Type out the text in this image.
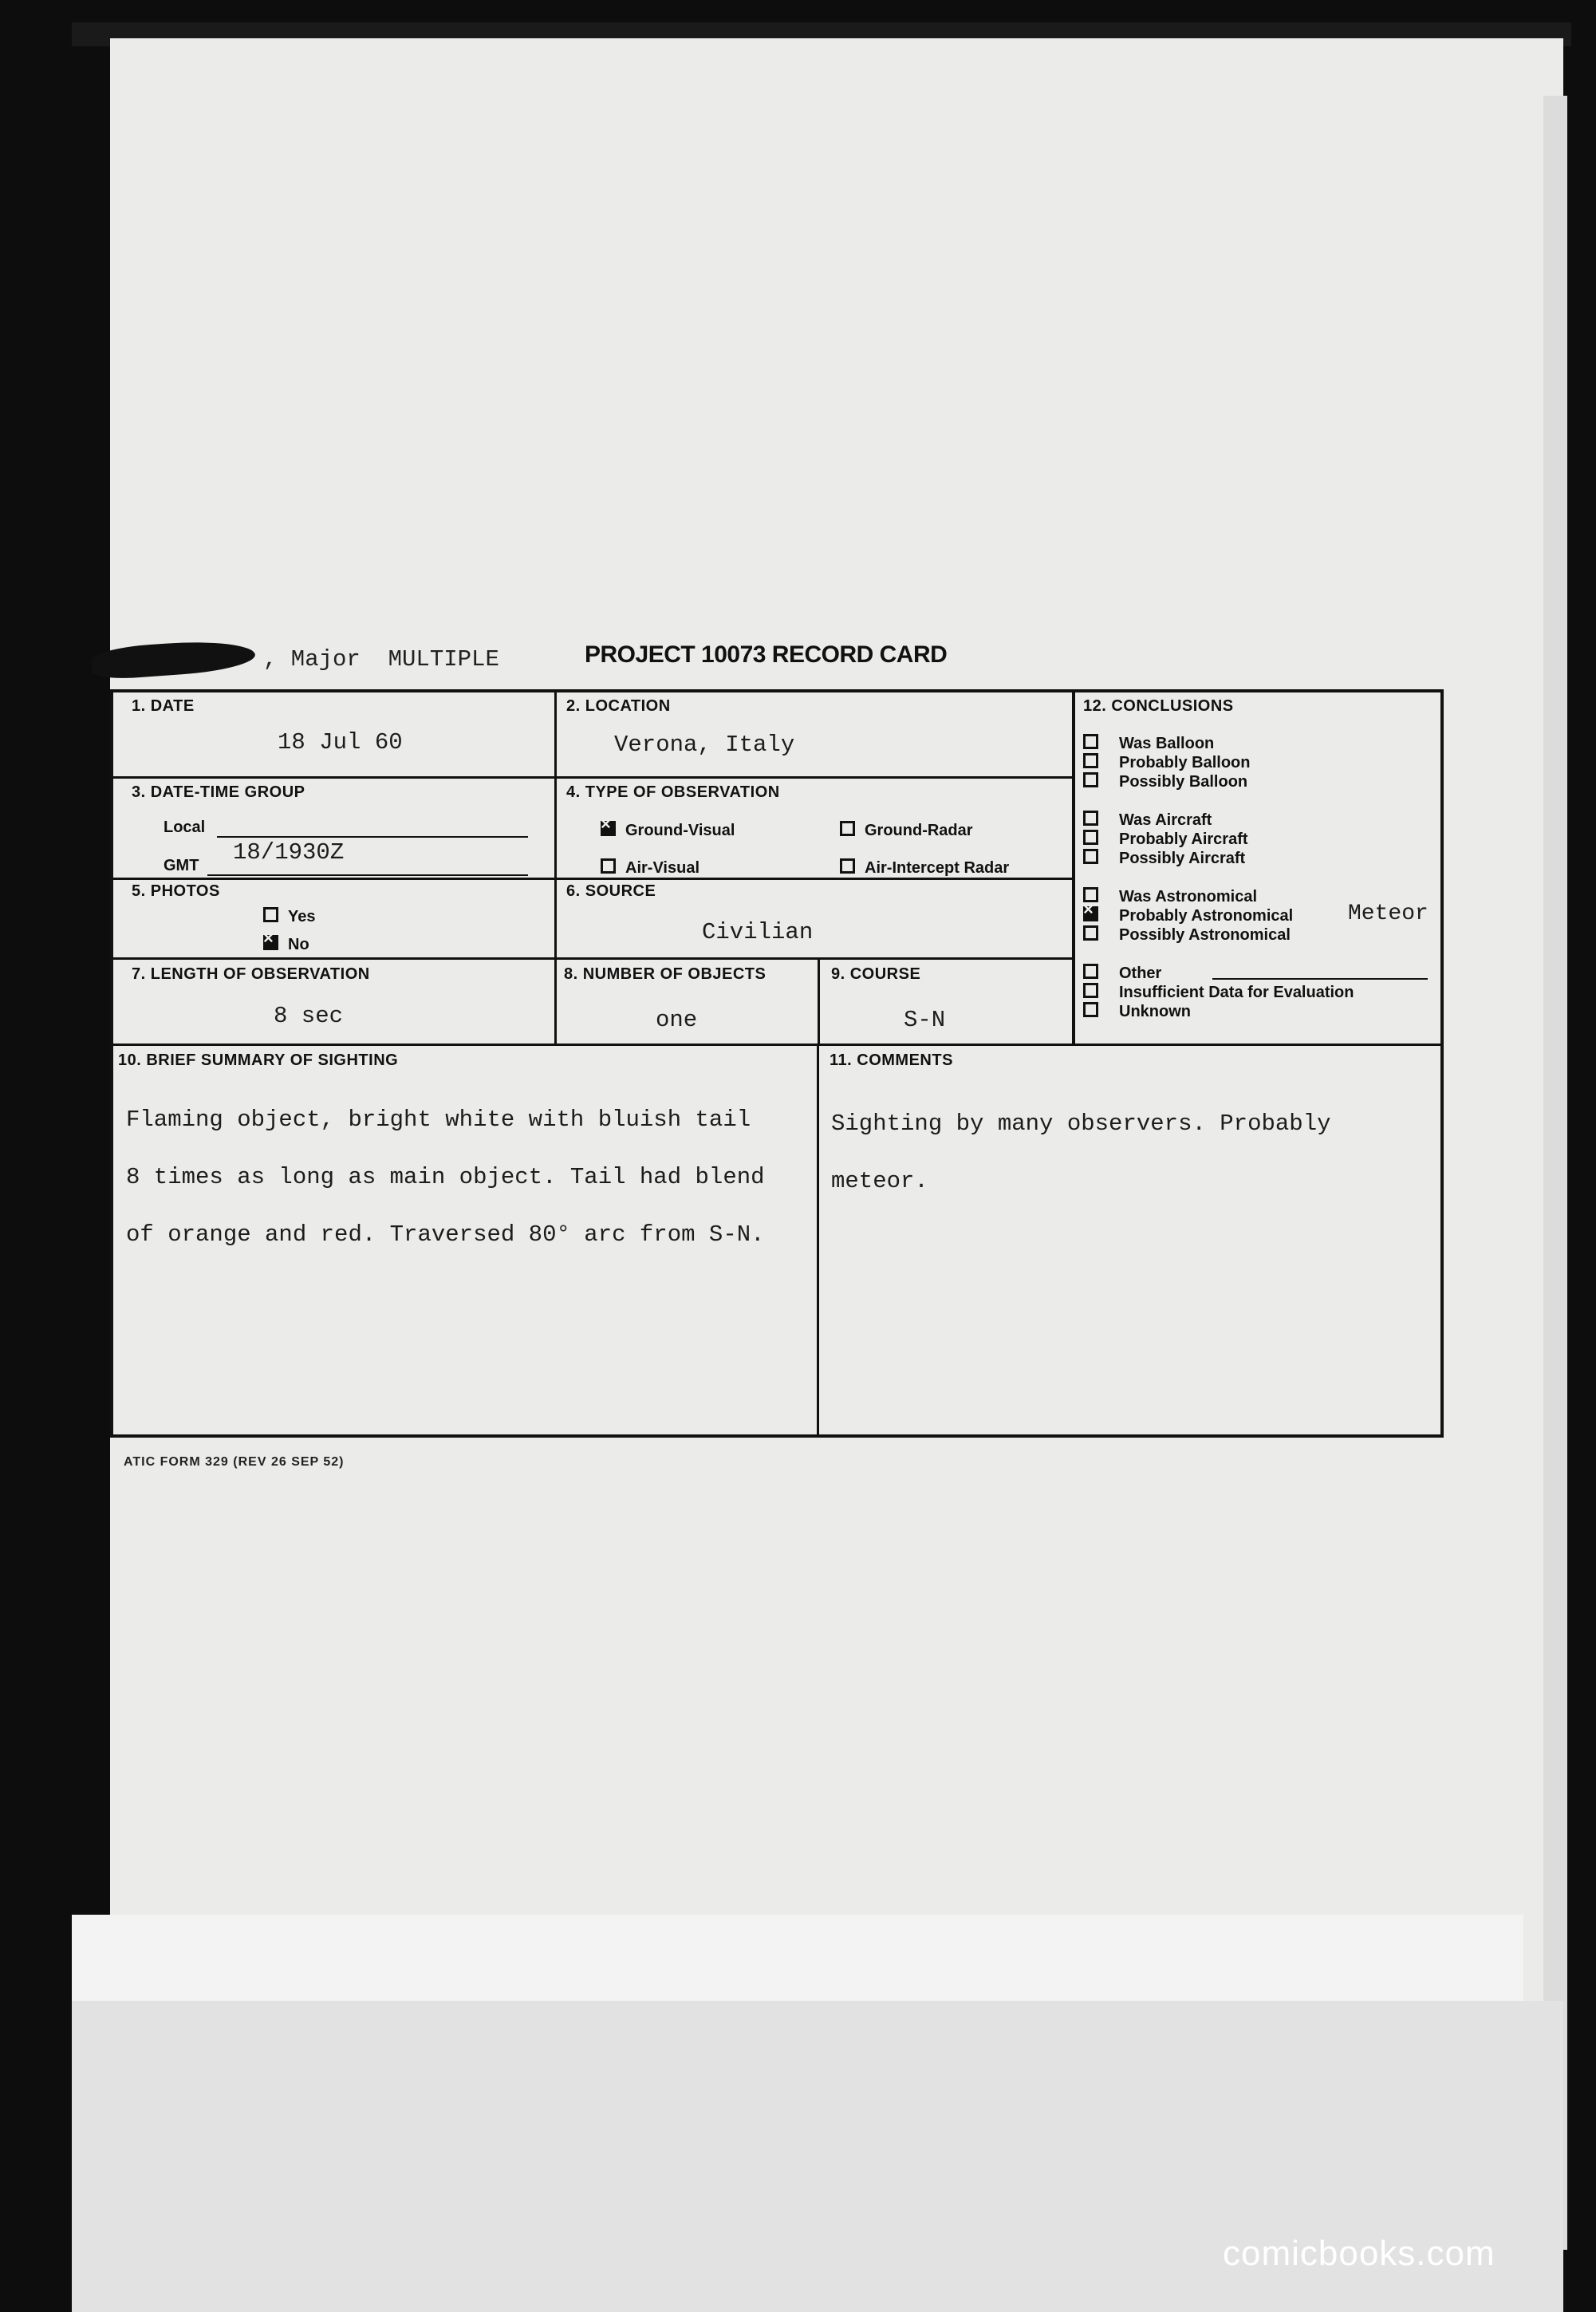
, Major  MULTIPLE	PROJECT 10073 RECORD CARD
1. DATE
18 Jul 60
2. LOCATION
Verona, Italy
3. DATE-TIME GROUP
Local
GMT 18/1930Z
4. TYPE OF OBSERVATION
×Ground-Visual	Ground-Radar
Air-Visual	Air-Intercept Radar
5. PHOTOS
Yes
×No
6. SOURCE
Civilian
7. LENGTH OF OBSERVATION
8 sec
8. NUMBER OF OBJECTS
one
9. COURSE
S-N
12. CONCLUSIONS
Was Balloon
Probably Balloon
Possibly Balloon
Was Aircraft
Probably Aircraft
Possibly Aircraft
Was Astronomical
×Probably Astronomical
Possibly Astronomical
Meteor
Other
Insufficient Data for Evaluation
Unknown
10. BRIEF SUMMARY OF SIGHTING

Flaming object, bright white with bluish tail

8 times as long as main object. Tail had blend

of orange and red. Traversed 80° arc from S-N.

11. COMMENTS

Sighting by many observers. Probably

meteor.

ATIC FORM 329 (REV 26 SEP 52)
comicbooks.com
